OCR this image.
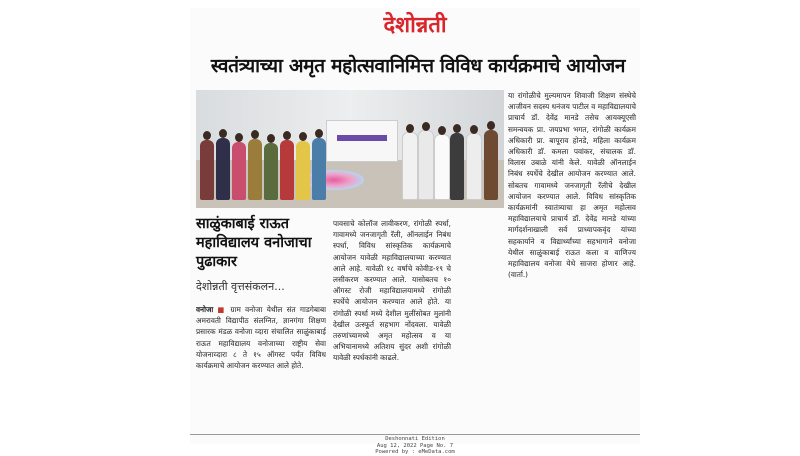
देशोन्नती
स्वतंत्र्याच्या अमृत महोत्सवानिमित्त विविध कार्यक्रमाचे आयोजन
साळुंकाबाई राऊत महाविद्यालय वनोजाचा पुढाकार
देशोन्नती वृत्तसंकलन...
वनोजा ■ ग्राम वनोजा येथील संत गाडगेबाबा अमरावती विद्यापीठ संलग्नित, ज्ञानगंगा शिक्षण प्रसारक मंडळ वनोजा व्दारा संचालित साळुंकाबाई राऊत महाविद्यालय वनोजाच्या राष्ट्रीय सेवा योजनाव्दारा ८ ते १५ ऑगस्ट पर्यंत विविध कार्यक्रमाचे आयोजन करण्यात आले होते.
पावसाचे कोलॉज लावीकरण, रांगोळी स्पर्धा, गावामध्ये जनजागृती रॅली, ऑनलाईन निबंध स्पर्धा, विविध सांस्कृतिक कार्यक्रमाचे आयोजन यावेळी महाविद्यालयाच्या करण्यात आले आहे. यावेळी १८ वर्षाचे कोवीड-१९ चे लसीकरण करण्यात आले. यासोबतच १० ऑगस्ट रोजी महाविद्यालयामध्ये रांगोळी स्पर्धेचे आयोजन करण्यात आले होते. या रांगोळी स्पर्धा मध्ये देशील मुलींसोबत मुलांनी देखील उत्स्फूर्त सहभाग नोंदवला. यावेळी तरुणांच्यामध्ये अमृत महोत्सव व या अभियानामध्ये अतिशय सुंदर अशी रांगोळी यावेळी स्पर्धकांनी काढले.
या रांगोळीचे मुल्यमापन शिवाजी शिक्षण संस्थेचे आजीवन सदस्य धनंजय पाटील व महाविद्यालयाचे प्राचार्य डॉ. देवेंद्र मानडे तसेच आयक्यूएसी समन्वयक प्रा. जयप्रभा भगत, रांगोळी कार्यक्रम अधिकारी प्रा. बापूराव होनडे, महिला कार्यक्रम अधिकारी डॉ. कमला पवांकर, संचालक डॉ. विलास उबाळे यांनी केले. यावेळी ऑनलाईन निबंध स्पर्धेचे देखील आयोजन करण्यात आले. सोबतच गावामध्ये जनजागृती रॅलीचे देखील आयोजन करण्यात आले. विविध सांस्कृतिक कार्यक्रमांनी स्वातंत्र्याचा हा अमृत महोत्सव महाविद्यालयाचे प्राचार्य डॉ. देवेंद्र मानडे यांच्या मार्गदर्शनाखाली सर्व प्राध्यापकवृंद यांच्या सहकार्याने व विद्यार्थ्यांच्या सहभागाने वनोजा येथील साळुंकाबाई राऊत कला व वाणिज्य महाविद्यालय वनोजा येथे साजरा होणार आहे. (वार्ता.)
Deshonnati Edition
Aug 12, 2022 Page No. 7
Powered by : eMeData.com
